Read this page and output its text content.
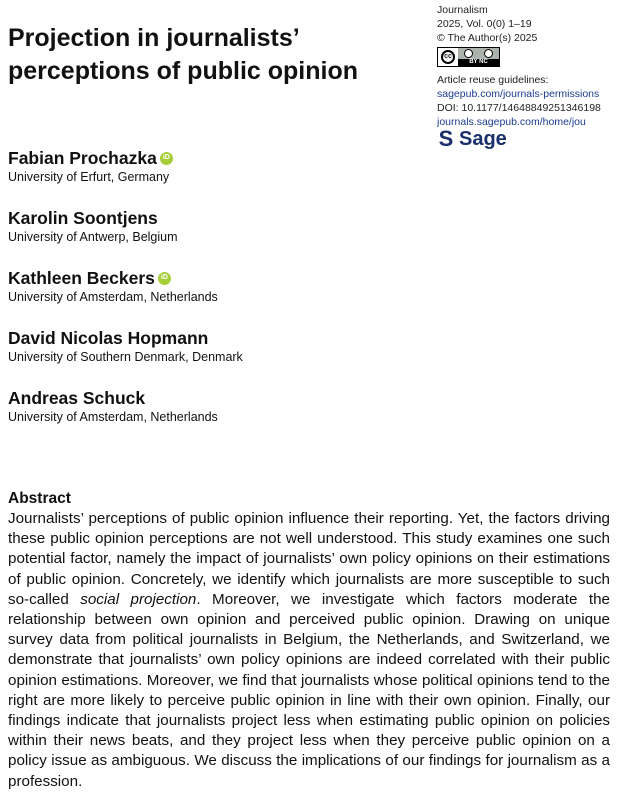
Projection in journalists’ perceptions of public opinion
Journalism
2025, Vol. 0(0) 1–19
© The Author(s) 2025
cc
BY NC
Article reuse guidelines:
sagepub.com/journals-permissions
DOI: 10.1177/14648849251346198
journals.sagepub.com/home/jou
S Sage
Fabian Prochazka iD
University of Erfurt, Germany
Karolin Soontjens
University of Antwerp, Belgium
Kathleen Beckers iD
University of Amsterdam, Netherlands
David Nicolas Hopmann
University of Southern Denmark, Denmark
Andreas Schuck
University of Amsterdam, Netherlands
Abstract

Journalists’ perceptions of public opinion influence their reporting. Yet, the factors driving these public opinion perceptions are not well understood. This study examines one such potential factor, namely the impact of journalists’ own policy opinions on their estimations of public opinion. Concretely, we identify which journalists are more susceptible to such so-called social projection. Moreover, we investigate which factors moderate the relationship between own opinion and perceived public opinion. Drawing on unique survey data from political journalists in Belgium, the Netherlands, and Switzerland, we demonstrate that journalists’ own policy opinions are indeed correlated with their public opinion estimations. Moreover, we find that journalists whose political opinions tend to the right are more likely to perceive public opinion in line with their own opinion. Finally, our findings indicate that journalists project less when estimating public opinion on policies within their news beats, and they project less when they perceive public opinion on a policy issue as ambiguous. We discuss the implications of our findings for journalism as a profession.
